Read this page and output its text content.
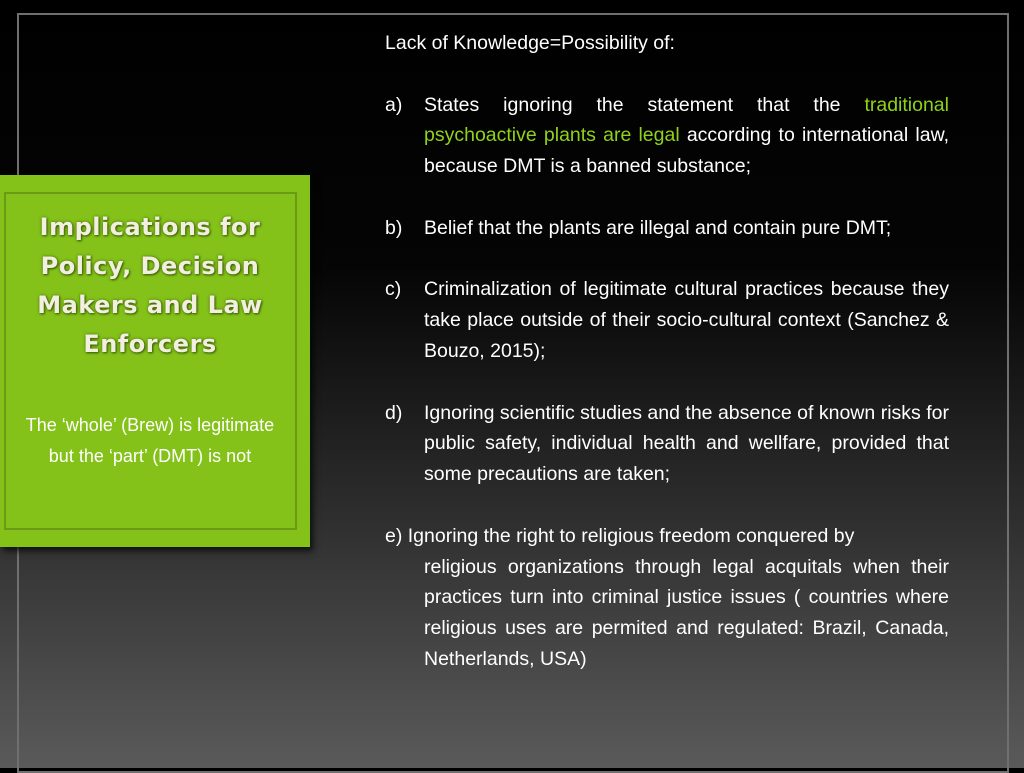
Implications for Policy, Decision Makers and Law Enforcers
The ‘whole’ (Brew) is legitimate but the ‘part’ (DMT) is not
Lack of Knowledge=Possibility of:
a)	States ignoring the statement that the traditional psychoactive plants are legal according to international law, because DMT is a banned substance;
b)	Belief that the plants are illegal and contain pure DMT;
c)	Criminalization of legitimate cultural practices because they take place outside of their socio-cultural context (Sanchez & Bouzo, 2015);
d)	Ignoring scientific studies and the absence of known risks for public safety, individual health and wellfare, provided that some precautions are taken;
e) Ignoring the right to religious freedom conquered by
religious organizations through legal acquitals when their practices turn into criminal justice issues ( countries where religious uses are permited and regulated: Brazil, Canada, Netherlands, USA)
